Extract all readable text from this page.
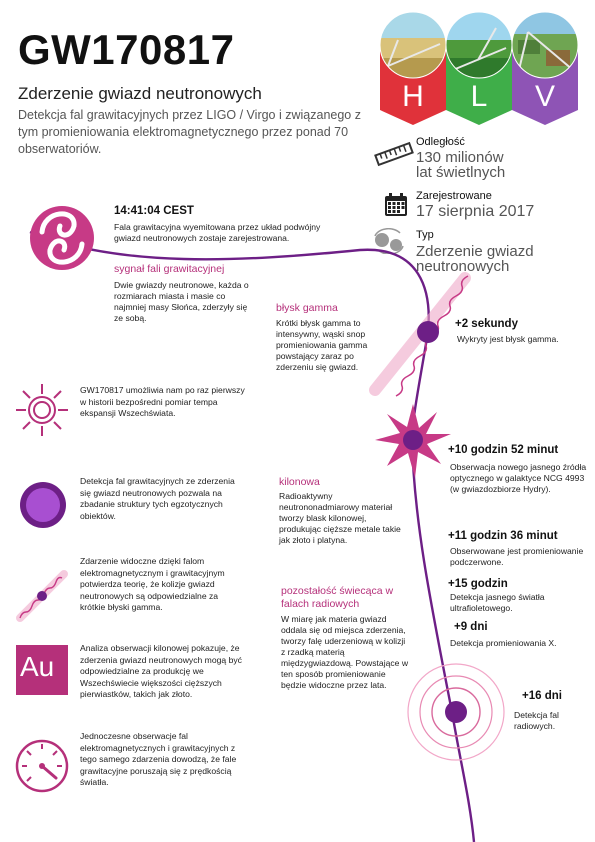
GW170817
Zderzenie gwiazd neutronowych
Detekcja fal grawitacyjnych przez LIGO / Virgo i związanego z tym promieniowania elektromagnetycznego przez ponad 70 obserwatoriów.
H L V
Odległość
130 milionów
lat świetlnych
Zarejestrowane
17 sierpnia 2017
Typ
Zderzenie gwiazd
neutronowych
14:41:04 CEST
Fala grawitacyjna wyemitowana przez układ podwójny gwiazd neutronowych zostaje zarejestrowana.
sygnał fali grawitacyjnej
Dwie gwiazdy neutronowe, każda o rozmiarach miasta i masie co najmniej masy Słońca, zderzyły się ze sobą.
błysk gamma
Krótki błysk gamma to intensywny, wąski snop promieniowania gamma powstający zaraz po zderzeniu się gwiazd.
kilonowa
Radioaktywny neutrononadmiarowy materiał tworzy blask kilonowej, produkując cięższe metale takie jak złoto i platyna.
pozostałość świecąca w falach radiowych
W miarę jak materia gwiazd oddala się od miejsca zderzenia, tworzy falę uderzeniową w kolizji z rzadką materią międzygwiazdową. Powstające w ten sposób promieniowanie będzie widoczne przez lata.
+2 sekundy
Wykryty jest błysk gamma.
+10 godzin 52 minut
Obserwacja nowego jasnego źródła optycznego w galaktyce NCG 4993 (w gwiazdozbiorze Hydry).
+11 godzin 36 minut
Obserwowane jest promieniowanie podczerwone.
+15 godzin
Detekcja jasnego światła ultrafioletowego.
+9 dni
Detekcja promieniowania X.
+16 dni
Detekcja fal radiowych.
GW170817 umożliwia nam po raz pierwszy w historii bezpośredni pomiar tempa ekspansji Wszechświata.
Detekcja fal grawitacyjnych ze zderzenia się gwiazd neutronowych pozwala na zbadanie struktury tych egzotycznych obiektów.
Zdarzenie widoczne dzięki falom elektromagnetycznym i grawitacyjnym potwierdza teorię, że kolizje gwiazd neutronowych są odpowiedzialne za krótkie błyski gamma.
Au
Analiza obserwacji kilonowej pokazuje, że zderzenia gwiazd neutronowych mogą być odpowiedzialne za produkcję we Wszechświecie większości cięższych pierwiastków, takich jak złoto.
Jednoczesne obserwacje fal elektromagnetycznych i grawitacyjnych z tego samego zdarzenia dowodzą, że fale grawitacyjne poruszają się z prędkością światła.
